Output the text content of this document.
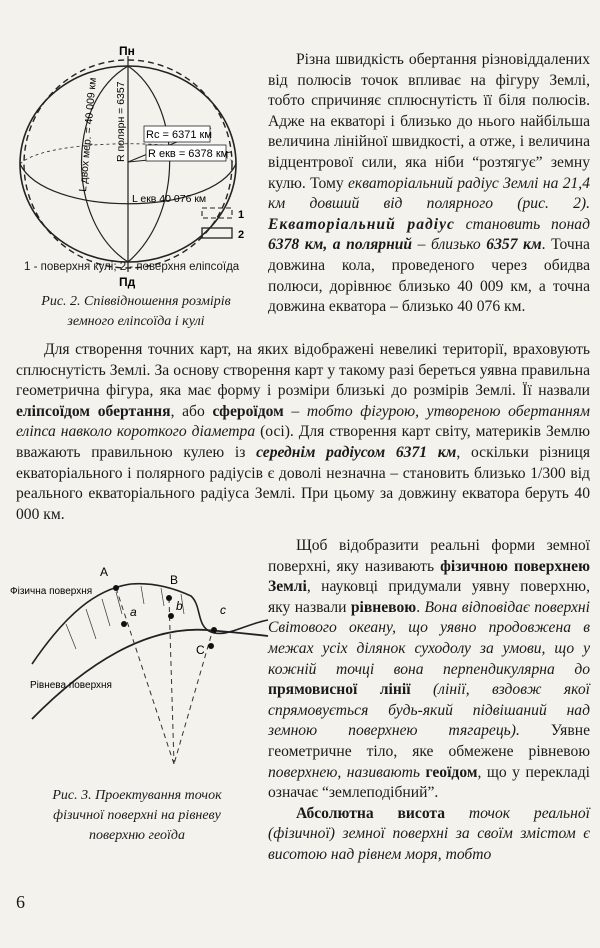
Rc = 6371 км
R екв = 6378 км
Пн
Пд
L двох мер. = 40 009 км R полярн = 6357
L екв 40 076 км
1
2
1 - поверхня кулі; 2 - поверхня еліпсоїда
Рис. 2. Співвідношення розмірів
земного еліпсоїда і кулі

Різна швидкість обертання різновіддалених від полюсів точок впливає на фігуру Землі, тобто спричиняє сплюснутість її біля полюсів. Адже на екваторі і близько до нього найбільша величина лінійної швидкості, а отже, і величина відцентрової сили, яка ніби “розтягує” земну кулю. Тому екваторіальний радіус Землі на 21,4 км довший від полярного (рис. 2). Екваторіальний радіус становить понад 6378 км, а полярний – близько 6357 км. Точна довжина кола, проведеного через обидва полюси, дорівнює близько 40 009 км, а точна довжина екватора – близько 40 076 км.

Для створення точних карт, на яких відображені невеликі території, враховують сплюснутість Землі. За основу створення карт у такому разі береться уявна правильна геометрична фігура, яка має форму і розміри близькі до розмірів Землі. Її назвали еліпсоїдом обертання, або сфероїдом – тобто фігурою, утвореною обертанням еліпса навколо короткого діаметра (осі). Для створення карт світу, материків Землю вважають правильною кулею із середнім радіусом 6371 км, оскільки різниця екваторіального і полярного радіусів є доволі незначна – становить близько 1/300 від реального екваторіального радіуса Землі. При цьому за довжину екватора беруть 40 000 км.

A
B
C
a	b	c
Фізична поверхня
Рівнева поверхня
Рис. 3. Проектування точок
фізичної поверхні на рівневу
поверхню геоїда

Щоб відобразити реальні форми земної поверхні, яку називають фізичною поверхнею Землі, науковці придумали уявну поверхню, яку назвали рівневою. Вона відповідає поверхні Світового океану, що уявно продовжена в межах усіх ділянок суходолу за умови, що у кожній точці вона перпендикулярна до прямовисної лінії (лінії, вздовж якої спрямовується будь-який підвішаний над земною поверхнею тягарець). Уявне геометричне тіло, яке обмежене рівневою поверхнею, називають геоїдом, що у перекладі означає “землеподібний”.

Абсолютна висота точок реальної (фізичної) земної поверхні за своїм змістом є висотою над рівнем моря, тобто

6
